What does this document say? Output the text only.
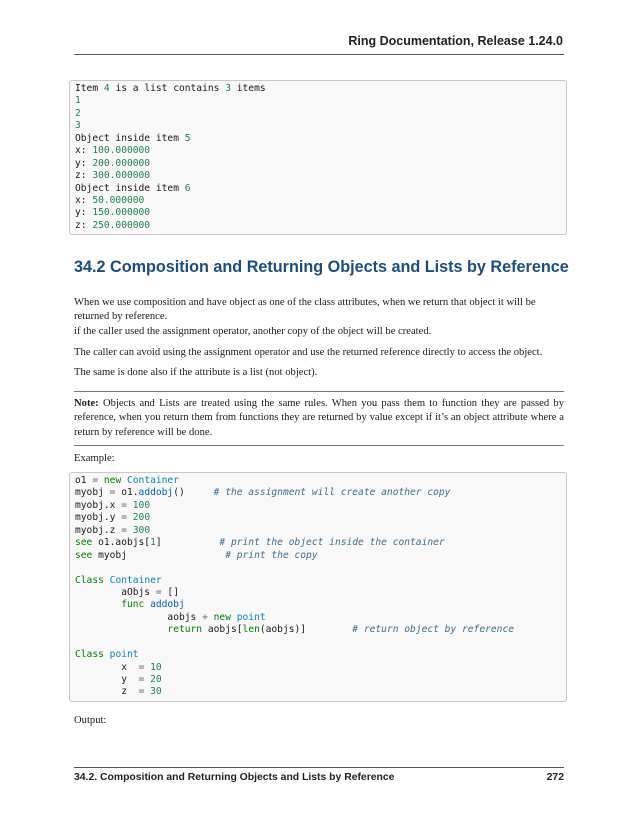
Ring Documentation, Release 1.24.0
Item 4 is a list contains 3 items
1
2
3
Object inside item 5
x: 100.000000
y: 200.000000
z: 300.000000
Object inside item 6
x: 50.000000
y: 150.000000
z: 250.000000
34.2 Composition and Returning Objects and Lists by Reference
When we use composition and have object as one of the class attributes, when we return that object it will be returned by reference.
if the caller used the assignment operator, another copy of the object will be created.
The caller can avoid using the assignment operator and use the returned reference directly to access the object.
The same is done also if the attribute is a list (not object).
Note: Objects and Lists are treated using the same rules. When you pass them to function they are passed by reference, when you return them from functions they are returned by value except if it’s an object attribute where a return by reference will be done.
Example:
o1 = new Container
myobj = o1.addobj()     # the assignment will create another copy
myobj.x = 100
myobj.y = 200
myobj.z = 300
see o1.aobjs[1]          # print the object inside the container
see myobj                 # print the copy
Class Container
aObjs = []
func addobj
aobjs + new point
return aobjs[len(aobjs)]        # return object by reference
Class point
x  = 10
y  = 20
z  = 30
Output:
34.2. Composition and Returning Objects and Lists by Reference	272
